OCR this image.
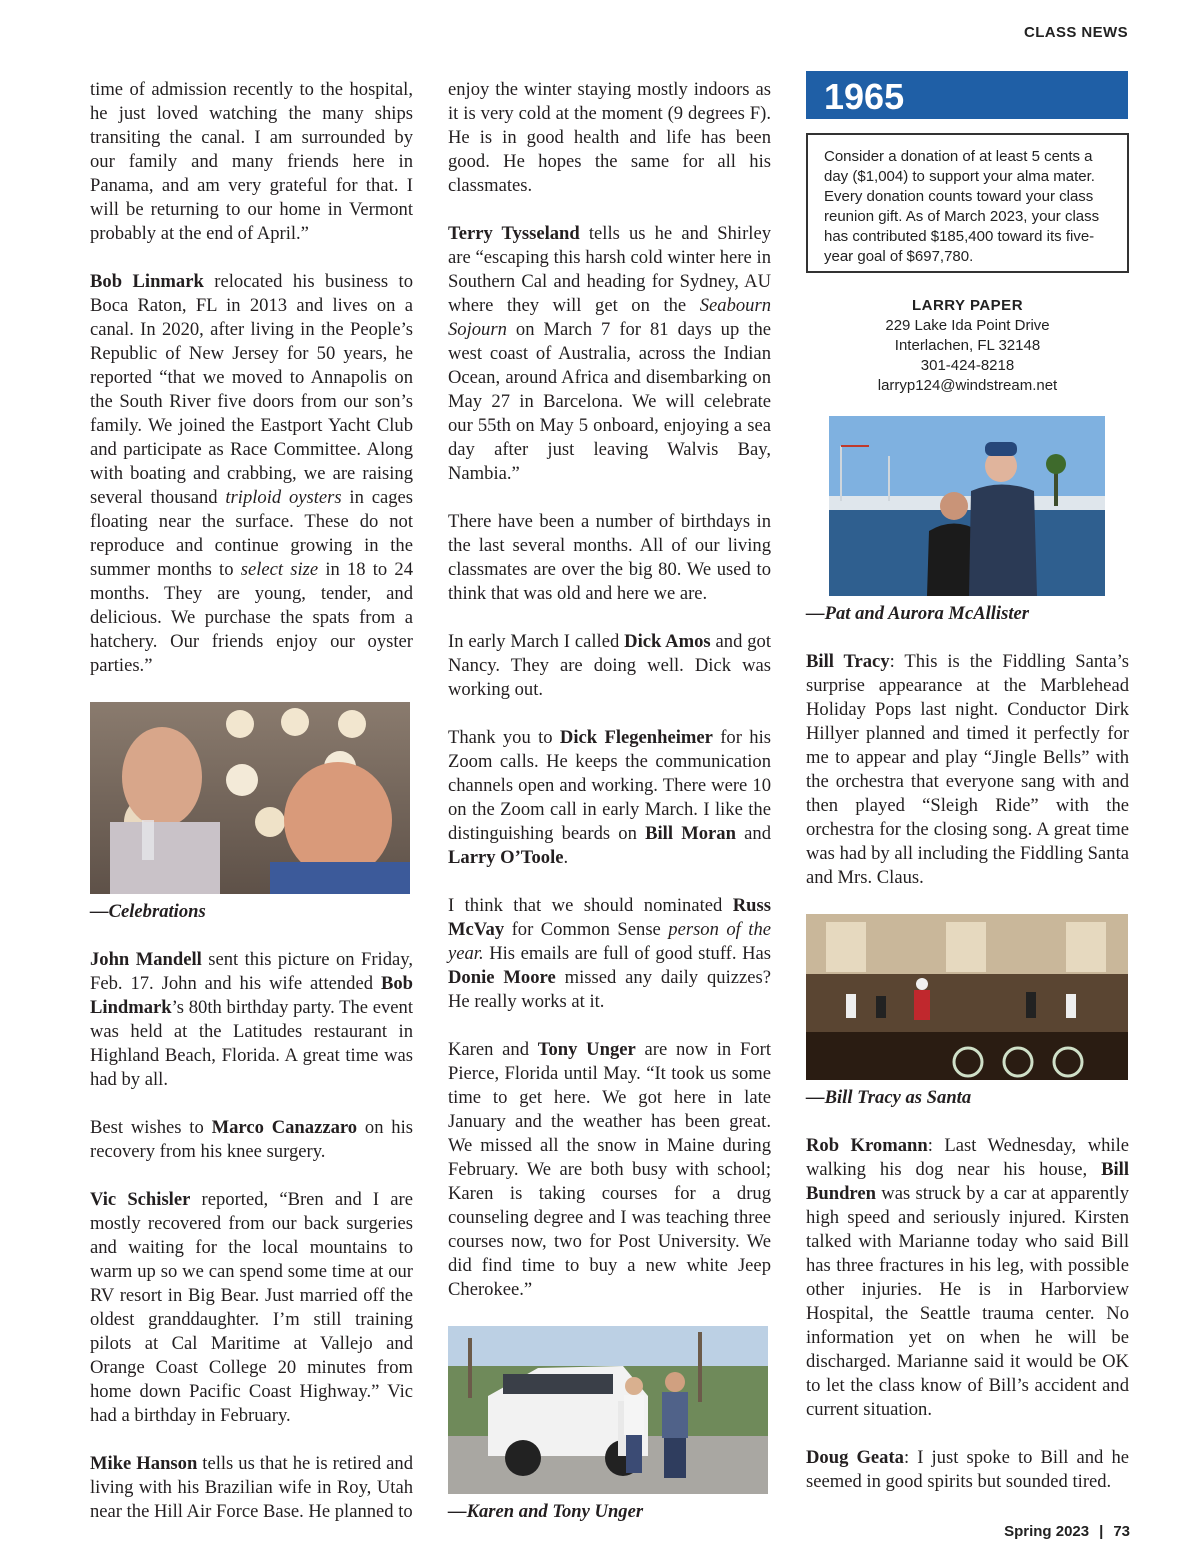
CLASS NEWS

time of admission recently to the hospital, he just loved watching the many ships transiting the canal. I am surrounded by our family and many friends here in Panama, and am very grateful for that. I will be returning to our home in Vermont probably at the end of April.”

Bob Linmark relocated his business to Boca Raton, FL in 2013 and lives on a canal. In 2020, after living in the People’s Republic of New Jersey for 50 years, he reported “that we moved to Annapolis on the South River five doors from our son’s family. We joined the Eastport Yacht Club and participate as Race Committee. Along with boating and crabbing, we are raising several thousand triploid oysters in cages floating near the surface. These do not reproduce and continue growing in the summer months to select size in 18 to 24 months. They are young, tender, and delicious. We purchase the spats from a hatchery. Our friends enjoy our oyster parties.”

—Celebrations

John Mandell sent this picture on Friday, Feb. 17. John and his wife attended Bob Lindmark’s 80th birthday party. The event was held at the Latitudes restaurant in Highland Beach, Florida. A great time was had by all.

Best wishes to Marco Canazzaro on his recovery from his knee surgery.

Vic Schisler reported, “Bren and I are mostly recovered from our back surgeries and waiting for the local mountains to warm up so we can spend some time at our RV resort in Big Bear. Just married off the oldest granddaughter. I’m still training pilots at Cal Maritime at Vallejo and Orange Coast College 20 minutes from home down Pacific Coast Highway.” Vic had a birthday in February.

Mike Hanson tells us that he is retired and living with his Brazilian wife in Roy, Utah near the Hill Air Force Base. He planned to

enjoy the winter staying mostly indoors as it is very cold at the moment (9 degrees F). He is in good health and life has been good. He hopes the same for all his classmates.

Terry Tysseland tells us he and Shirley are “escaping this harsh cold winter here in Southern Cal and heading for Sydney, AU where they will get on the Seabourn Sojourn on March 7 for 81 days up the west coast of Australia, across the Indian Ocean, around Africa and disembarking on May 27 in Barcelona. We will celebrate our 55th on May 5 onboard, enjoying a sea day after just leaving Walvis Bay, Nambia.”

There have been a number of birthdays in the last several months. All of our living classmates are over the big 80. We used to think that was old and here we are.

In early March I called Dick Amos and got Nancy. They are doing well. Dick was working out.

Thank you to Dick Flegenheimer for his Zoom calls. He keeps the communication channels open and working. There were 10 on the Zoom call in early March. I like the distinguishing beards on Bill Moran and Larry O’Toole.

I think that we should nominated Russ McVay for Common Sense person of the year. His emails are full of good stuff. Has Donie Moore missed any daily quizzes? He really works at it.

Karen and Tony Unger are now in Fort Pierce, Florida until May. “It took us some time to get here. We got here in late January and the weather has been great. We missed all the snow in Maine during February. We are both busy with school; Karen is taking courses for a drug counseling degree and I was teaching three courses now, two for Post University. We did find time to buy a new white Jeep Cherokee.”

—Karen and Tony Unger
1965
Consider a donation of at least 5 cents a day ($1,004) to support your alma mater. Every donation counts toward your class reunion gift. As of March 2023, your class has contributed $185,400 toward its five-year goal of $697,780.
LARRY PAPER
229 Lake Ida Point Drive
Interlachen, FL 32148
301-424-8218
larryp124@windstream.net
—Pat and Aurora McAllister

Bill Tracy: This is the Fiddling Santa’s surprise appearance at the Marblehead Holiday Pops last night. Conductor Dirk Hillyer planned and timed it perfectly for me to appear and play “Jingle Bells” with the orchestra that everyone sang with and then played “Sleigh Ride” with the orchestra for the closing song. A great time was had by all including the Fiddling Santa and Mrs. Claus.

—Bill Tracy as Santa

Rob Kromann: Last Wednesday, while walking his dog near his house, Bill Bundren was struck by a car at apparently high speed and seriously injured. Kirsten talked with Marianne today who said Bill has three fractures in his leg, with possible other injuries. He is in Harborview Hospital, the Seattle trauma center. No information yet on when he will be discharged. Marianne said it would be OK to let the class know of Bill’s accident and current situation.

Doug Geata: I just spoke to Bill and he seemed in good spirits but sounded tired.

Spring 2023 | 73
